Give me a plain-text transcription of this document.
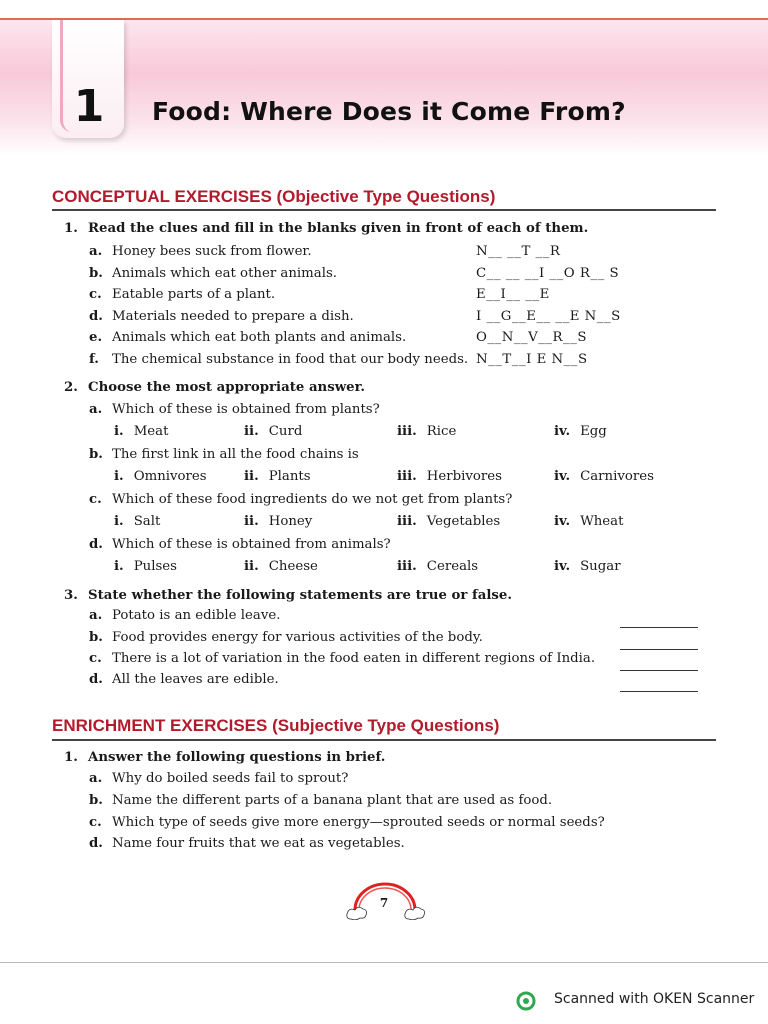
1	Food: Where Does it Come From?
CONCEPTUAL EXERCISES (Objective Type Questions)
1. Read the clues and fill in the blanks given in front of each of them.
a. Honey bees suck from flower.	N__ __T __R
b. Animals which eat other animals.	C__ __ __I __O R__ S
c. Eatable parts of a plant.	E__I__ __E
d. Materials needed to prepare a dish.	I __G__E__ __E N__S
e. Animals which eat both plants and animals.	O__N__V__R__S
f. The chemical substance in food that our body needs. N__T__I E N__S
2. Choose the most appropriate answer.
a. Which of these is obtained from plants?
i. Meat	ii. Curd	iii. Rice	iv. Egg
b. The first link in all the food chains is
i. Omnivores	ii. Plants	iii. Herbivores	iv. Carnivores
c. Which of these food ingredients do we not get from plants?
i. Salt	ii. Honey	iii. Vegetables	iv. Wheat
d. Which of these is obtained from animals?
i. Pulses	ii. Cheese	iii. Cereals	iv. Sugar
3. State whether the following statements are true or false.
a. Potato is an edible leave.
b. Food provides energy for various activities of the body.
c. There is a lot of variation in the food eaten in different regions of India.
d. All the leaves are edible.
ENRICHMENT EXERCISES (Subjective Type Questions)
1. Answer the following questions in brief.
a. Why do boiled seeds fail to sprout?
b. Name the different parts of a banana plant that are used as food.
c. Which type of seeds give more energy—sprouted seeds or normal seeds?
d. Name four fruits that we eat as vegetables.
7
Scanned with OKEN Scanner
